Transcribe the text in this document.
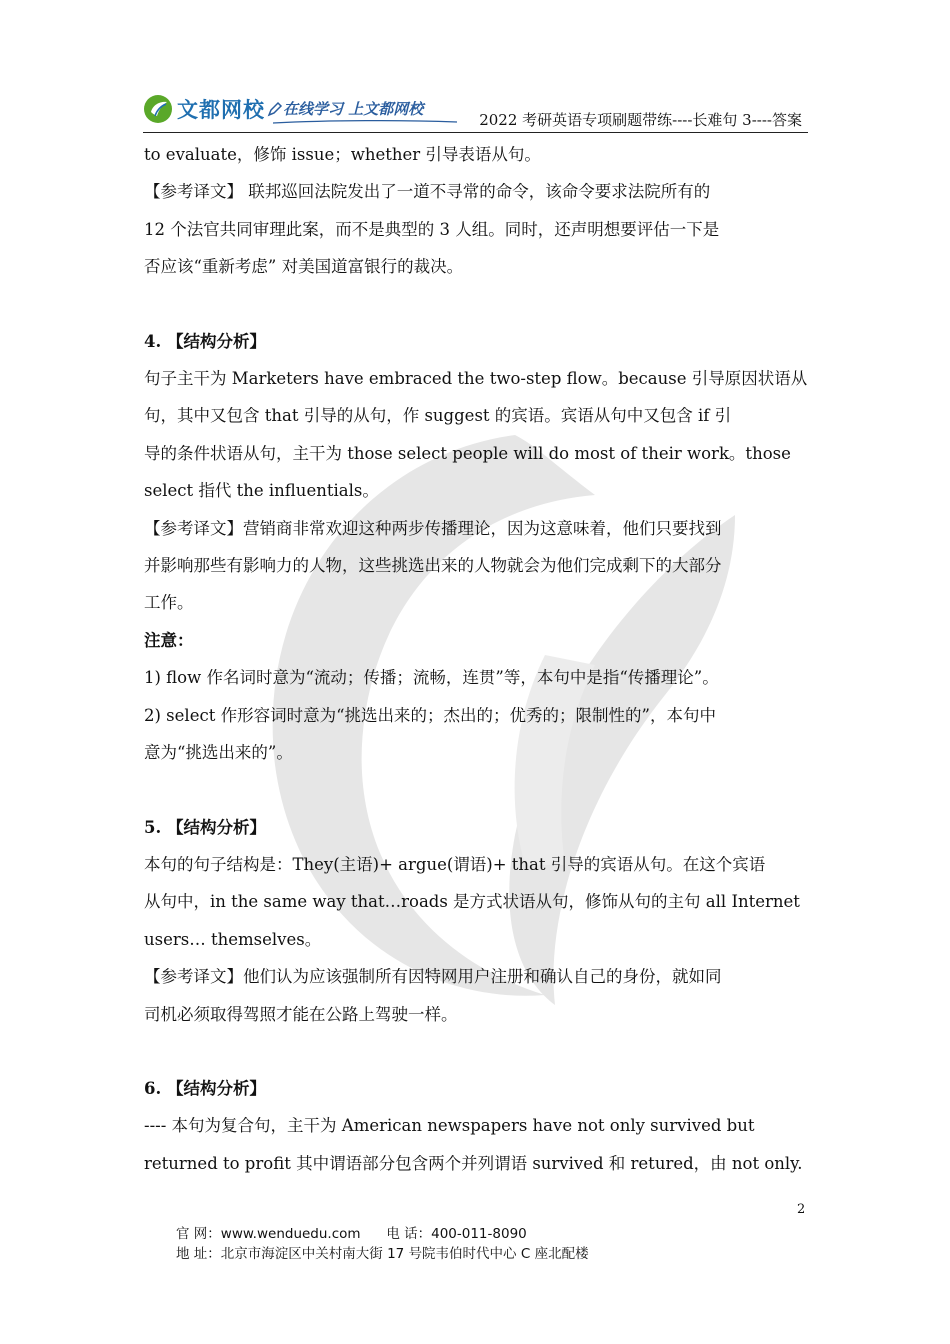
文都网校 在线学习 上文都网校
2022 考研英语专项刷题带练----长难句 3----答案

to evaluate，修饰 issue；whether 引导表语从句。

【参考译文】 联邦巡回法院发出了一道不寻常的命令，该命令要求法院所有的

12 个法官共同审理此案，而不是典型的 3 人组。同时，还声明想要评估一下是

否应该“重新考虑” 对美国道富银行的裁决。

4. 【结构分析】

句子主干为 Marketers have embraced the two-step flow。because 引导原因状语从

句，其中又包含 that 引导的从句，作 suggest 的宾语。宾语从句中又包含 if 引

导的条件状语从句，主干为 those select people will do most of their work。those

select 指代 the influentials。

【参考译文】营销商非常欢迎这种两步传播理论，因为这意味着，他们只要找到

并影响那些有影响力的人物，这些挑选出来的人物就会为他们完成剩下的大部分

工作。

注意：

1) flow 作名词时意为“流动；传播；流畅，连贯”等，本句中是指“传播理论”。

2) select 作形容词时意为“挑选出来的；杰出的；优秀的；限制性的”，本句中

意为“挑选出来的”。

5. 【结构分析】

本句的句子结构是：They(主语)+ argue(谓语)+ that 引导的宾语从句。在这个宾语

从句中，in the same way that…roads 是方式状语从句，修饰从句的主句 all Internet

users… themselves。

【参考译文】他们认为应该强制所有因特网用户注册和确认自己的身份，就如同

司机必须取得驾照才能在公路上驾驶一样。

6. 【结构分析】

---- 本句为复合句，主干为 American newspapers have not only survived but

returned to profit 其中谓语部分包含两个并列谓语 survived 和 retured，由 not only.

2
官 网：www.wenduedu.com 电 话：400-011-8090
地 址：北京市海淀区中关村南大街 17 号院韦伯时代中心 C 座北配楼
